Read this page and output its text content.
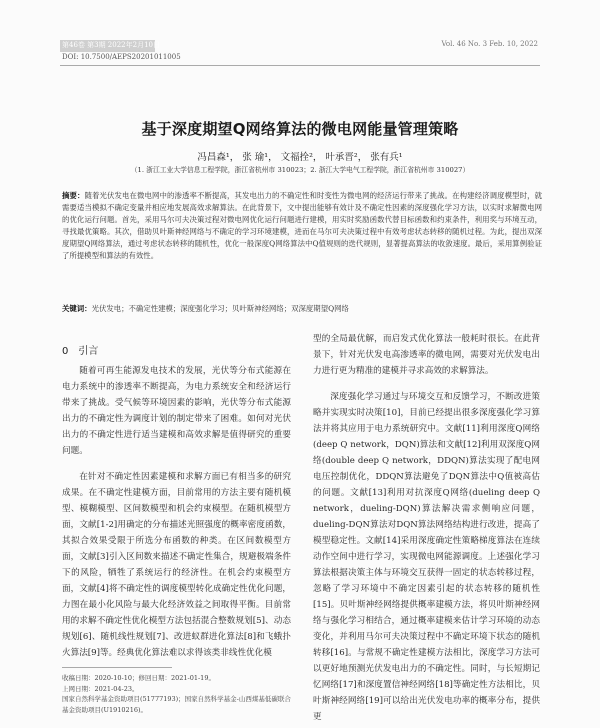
第46卷 第3期 2022年2月10日	Vol. 46 No. 3 Feb. 10, 2022
DOI: 10.7500/AEPS20201011005
基于深度期望Q网络算法的微电网能量管理策略
冯昌森¹， 张 瑜¹， 文福拴²， 叶承晋²， 张有兵¹
（1. 浙江工业大学信息工程学院，浙江省杭州市 310023；2. 浙江大学电气工程学院，浙江省杭州市 310027）
摘要：随着光伏发电在微电网中的渗透率不断提高，其发电出力的不确定性和时变性为微电网的经济运行带来了挑战。在构建经济调度模型时，就需要适当模拟不确定变量并相应地发展高效求解算法。在此背景下，文中提出能够有效计及不确定性因素的深度强化学习方法，以实时求解微电网的优化运行问题。首先，采用马尔可夫决策过程对微电网优化运行问题进行建模，用实时奖励函数代替目标函数和约束条件，利用奖与环境互动，寻找最优策略。其次，借助贝叶斯神经网络与不确定的学习环境建模，进而在马尔可夫决策过程中有效考虑状态转移的随机过程。为此，提出双深度期望Q网络算法，通过考虑状态转移的随机性，优化一般深度Q网络算法中Q值规则的迭代规则，显著提高算法的收敛速度。最后，采用算例验证了所提模型和算法的有效性。
关键词：光伏发电；不确定性建模；深度强化学习；贝叶斯神经网络；双深度期望Q网络
0 引言

随着可再生能源发电技术的发展，光伏等分布式能源在电力系统中的渗透率不断提高，为电力系统安全和经济运行带来了挑战。受气候等环境因素的影响，光伏等分布式能源出力的不确定性为调度计划的制定带来了困难。如何对光伏出力的不确定性进行适当建模和高效求解是值得研究的重要问题。

在针对不确定性因素建模和求解方面已有相当多的研究成果。在不确定性建模方面，目前常用的方法主要有随机模型、模糊模型、区间数模型和机会约束模型。在随机模型方面，文献[1-2]用确定的分布描述光照强度的概率密度函数，其拟合效果受限于所选分布函数的种类。在区间数模型方面，文献[3]引入区间数来描述不确定性集合，规避极端条件下的风险，牺牲了系统运行的经济性。在机会约束模型方面，文献[4]将不确定性的调度模型转化成确定性优化问题，力图在最小化风险与最大化经济效益之间取得平衡。目前常用的求解不确定性优化模型方法包括混合整数规划[5]、动态规划[6]、随机线性规划[7]、改进蚁群进化算法[8]和飞蛾扑火算法[9]等。经典优化算法难以求得该类非线性优化模

型的全局最优解，而启发式优化算法一般耗时很长。在此背景下，针对光伏发电高渗透率的微电网，需要对光伏发电出力进行更为精准的建模并寻求高效的求解算法。

深度强化学习通过与环境交互和反馈学习，不断改进策略并实现实时决策[10]，目前已经提出很多深度强化学习算法并将其应用于电力系统研究中。文献[11]利用深度Q网络(deep Q network，DQN)算法和文献[12]利用双深度Q网络(double deep Q network，DDQN)算法实现了配电网电压控制优化，DDQN算法避免了DQN算法中Q值被高估的问题。文献[13]利用对抗深度Q网络(dueling deep Q network，dueling-DQN)算法解决需求侧响应问题，dueling-DQN算法对DQN算法网络结构进行改进，提高了模型稳定性。文献[14]采用深度确定性策略梯度算法在连续动作空间中进行学习，实现微电网能源调度。上述强化学习算法根据决策主体与环境交互获得一固定的状态转移过程，忽略了学习环境中不确定因素引起的状态转移的随机性[15]。贝叶斯神经网络提供概率建模方法，将贝叶斯神经网络与强化学习相结合，通过概率建模来估计学习环境的动态变化，并利用马尔可夫决策过程中不确定环境下状态的随机转移[16]。与常规不确定性建模方法相比，深度学习方法可以更好地预测光伏发电出力的不确定性。同时，与长短期记忆网络[17]和深度置信神经网络[18]等确定性方法相比，贝叶斯神经网络[19]可以给出光伏发电功率的概率分布，提供更

收稿日期：2020-10-10；修回日期：2021-01-19。
上网日期：2021-04-23。
国家自然科学基金资助项目(51777193)；国家自然科学基金-山西煤基低碳联合基金资助项目(U1910216)。
